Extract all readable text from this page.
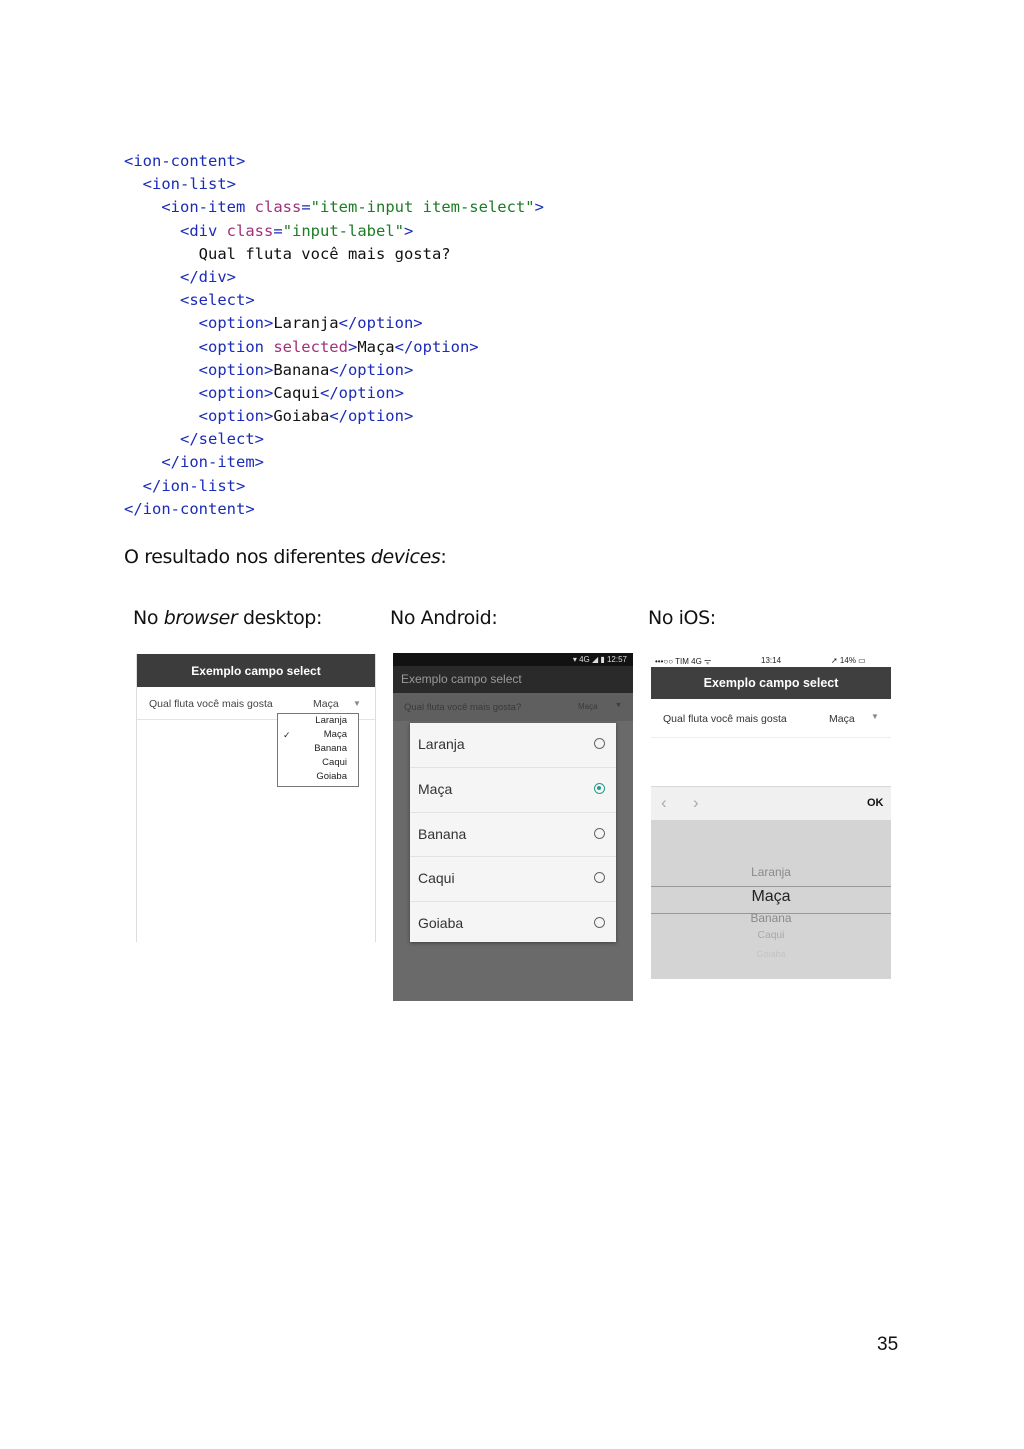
<ion-content>
<ion-list>
<ion-item class="item-input item-select">
<div class="input-label">
Qual fluta você mais gosta?
</div>
<select>
<option>Laranja</option>
<option selected>Maça</option>
<option>Banana</option>
<option>Caqui</option>
<option>Goiaba</option>
</select>
</ion-item>
</ion-list>
</ion-content>
O resultado nos diferentes devices:
No browser desktop:	No Android:	No iOS:
Exemplo campo select
Qual fluta você mais gosta	Maça ▼
Laranja
✓	Maça
Banana
Caqui
Goiaba
▾ 4G ◢ ▮ 12:57
Exemplo campo select
Qual fluta você mais gosta?	Maça ▼
Laranja
Maça
Banana
Caqui
Goiaba
•••○○ TIM 4G ᯤ	13:14	➚ 14% ▭
Exemplo campo select
Qual fluta você mais gosta	Maça ▼
‹ ›	OK
Laranja
Maça
Banana
Caqui
Goiaba
35
